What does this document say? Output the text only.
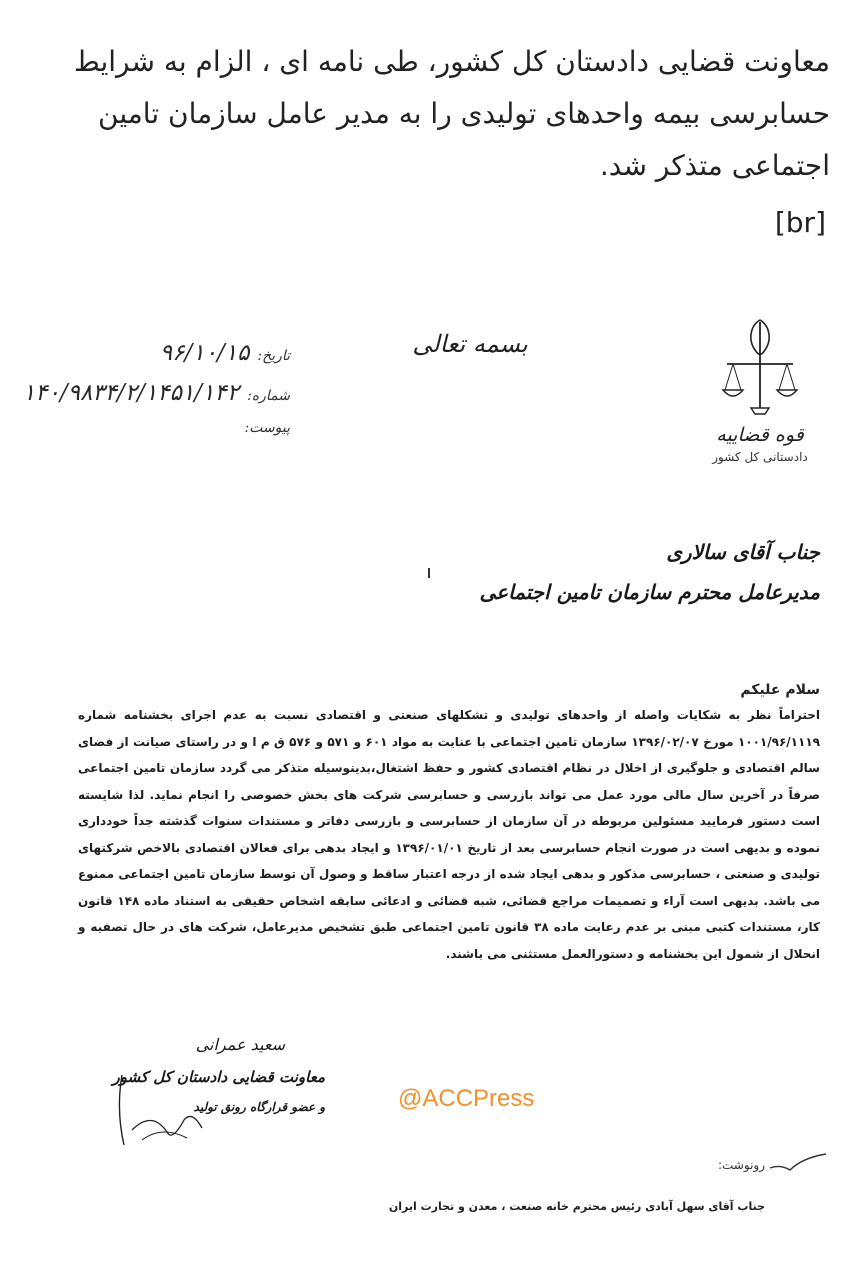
معاونت قضایی دادستان کل کشور، طی نامه ای ، الزام به شرایط حسابرسی بیمه واحدهای تولیدی را به مدیر عامل سازمان تامین اجتماعی متذکر شد.
[br]
قوه قضاییه
دادستانی کل کشور
بسمه تعالی
تاریخ:
۹۶/۱۰/۱۵
شماره:
۱۴۰/۹۸۳۴/۲/۱۴۵۱/۱۴۲
پیوست:
جناب آقای سالاری
مدیرعامل محترم سازمان تامین اجتماعی
سلام علیکم
احتراماً نظر به شکایات واصله از واحدهای تولیدی و تشکلهای صنعتی و اقتصادی نسبت به عدم اجرای بخشنامه شماره ۱۰۰۱/۹۶/۱۱۱۹ مورخ ۱۳۹۶/۰۲/۰۷ سازمان تامین اجتماعی با عنایت به مواد ۶۰۱ و ۵۷۱ و ۵۷۶ ق م ا و در راستای صیانت از فضای سالم اقتصادی و جلوگیری از اخلال در نظام اقتصادی کشور و حفظ اشتغال،بدینوسیله متذکر می گردد سازمان تامین اجتماعی صرفاً در آخرین سال مالی مورد عمل می تواند بازرسی و حسابرسی شرکت های بخش خصوصی را انجام نماید. لذا شایسته است دستور فرمایید مسئولین مربوطه در آن سازمان از حسابرسی و بازرسی دفاتر و مستندات سنوات گذشته جداً خودداری نموده و بدیهی است در صورت انجام حسابرسی بعد از تاریخ ۱۳۹۶/۰۱/۰۱ و ایجاد بدهی برای فعالان اقتصادی بالاخص شرکتهای تولیدی و صنعتی ، حسابرسی مذکور و بدهی ایجاد شده از درجه اعتبار ساقط و وصول آن توسط سازمان تامین اجتماعی ممنوع می باشد. بدیهی است آراء و تصمیمات مراجع قضائی، شبه قضائی و ادعائی سابقه اشخاص حقیقی به استناد ماده ۱۴۸ قانون کار، مستندات کتبی مبنی بر عدم رعایت ماده ۳۸ قانون تامین اجتماعی طبق تشخیص مدیرعامل، شرکت های در حال تصفیه و انحلال از شمول این بخشنامه و دستورالعمل مستثنی می باشند.
سعید عمرانی
معاونت قضایی دادستان کل کشور
و عضو قرارگاه رونق تولید	@ACCPress
رونوشت:
جناب آقای سهل آبادی رئیس محترم خانه صنعت ، معدن و تجارت ایران
